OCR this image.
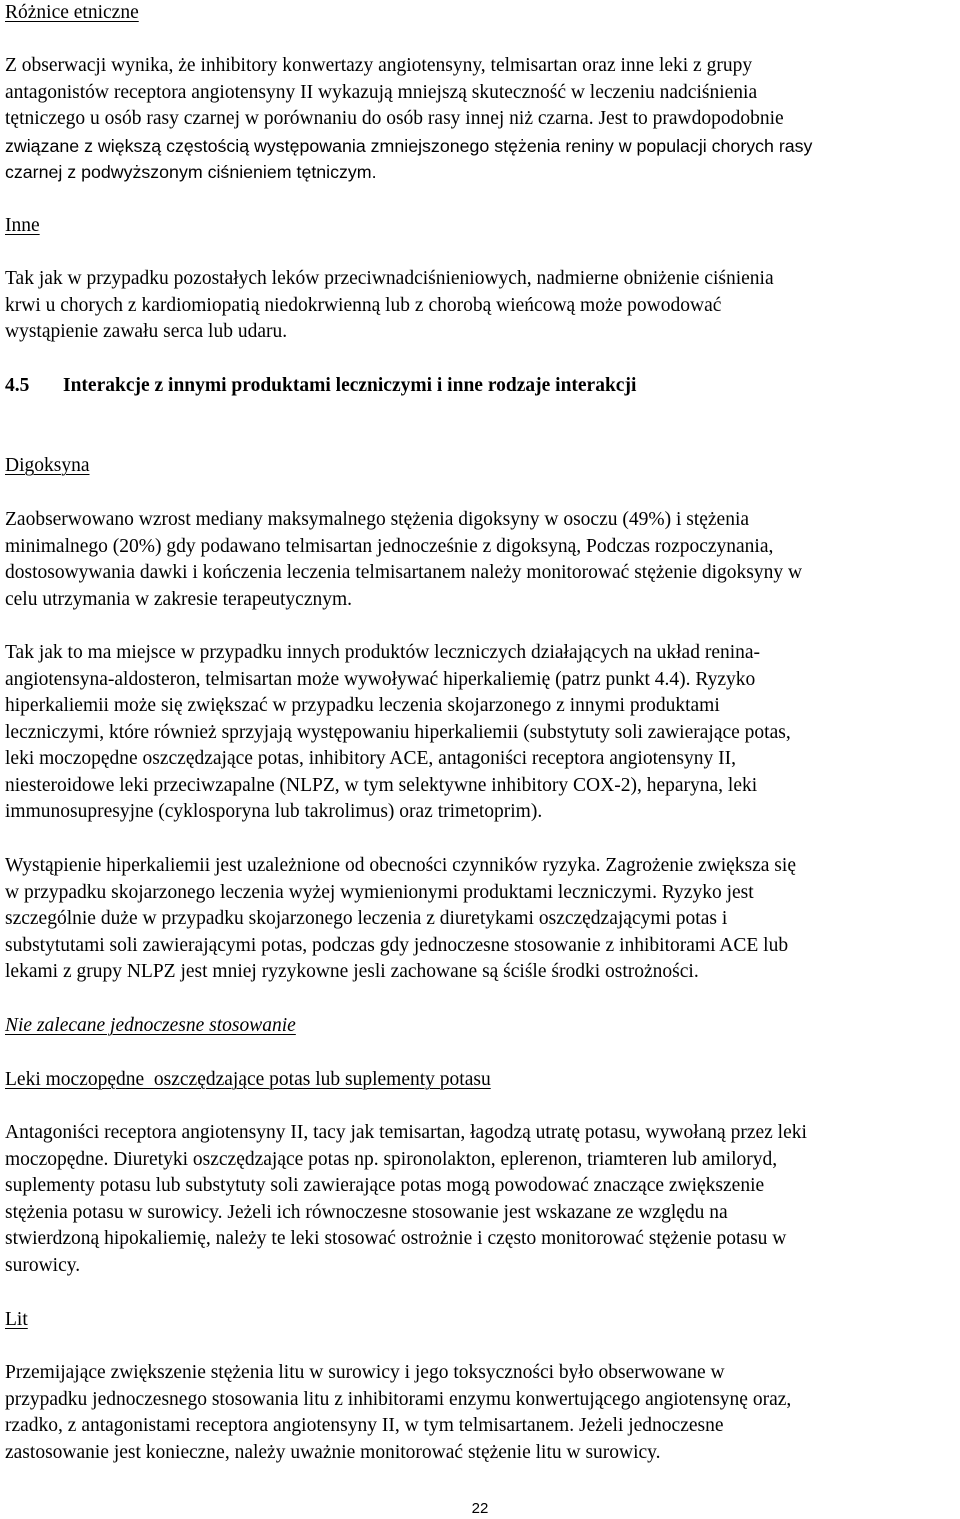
Różnice etniczne
Z obserwacji wynika, że inhibitory konwertazy angiotensyny, telmisartan oraz inne leki z grupy
antagonistów receptora angiotensyny II wykazują mniejszą skuteczność w leczeniu nadciśnienia
tętniczego u osób rasy czarnej w porównaniu do osób rasy innej niż czarna. Jest to prawdopodobnie
związane z większą częstością występowania zmniejszonego stężenia reniny w populacji chorych rasy
czarnej z podwyższonym ciśnieniem tętniczym.
Inne
Tak jak w przypadku pozostałych leków przeciwnadciśnieniowych, nadmierne obniżenie ciśnienia
krwi u chorych z kardiomiopatią niedokrwienną lub z chorobą wieńcową może powodować
wystąpienie zawału serca lub udaru.
4.5	Interakcje z innymi produktami leczniczymi i inne rodzaje interakcji
Digoksyna
Zaobserwowano wzrost mediany maksymalnego stężenia digoksyny w osoczu (49%) i stężenia
minimalnego (20%) gdy podawano telmisartan jednocześnie z digoksyną, Podczas rozpoczynania,
dostosowywania dawki i kończenia leczenia telmisartanem należy monitorować stężenie digoksyny w
celu utrzymania w zakresie terapeutycznym.
Tak jak to ma miejsce w przypadku innych produktów leczniczych działających na układ renina-
angiotensyna-aldosteron, telmisartan może wywoływać hiperkaliemię (patrz punkt 4.4). Ryzyko
hiperkaliemii może się zwiększać w przypadku leczenia skojarzonego z innymi produktami
leczniczymi, które również sprzyjają występowaniu hiperkaliemii (substytuty soli zawierające potas,
leki moczopędne oszczędzające potas, inhibitory ACE, antagoniści receptora angiotensyny II,
niesteroidowe leki przeciwzapalne (NLPZ, w tym selektywne inhibitory COX-2), heparyna, leki
immunosupresyjne (cyklosporyna lub takrolimus) oraz trimetoprim).
Wystąpienie hiperkaliemii jest uzależnione od obecności czynników ryzyka. Zagrożenie zwiększa się
w przypadku skojarzonego leczenia wyżej wymienionymi produktami leczniczymi. Ryzyko jest
szczególnie duże w przypadku skojarzonego leczenia z diuretykami oszczędzającymi potas i
substytutami soli zawierającymi potas, podczas gdy jednoczesne stosowanie z inhibitorami ACE lub
lekami z grupy NLPZ jest mniej ryzykowne jesli zachowane są ściśle środki ostrożności.
Nie zalecane jednoczesne stosowanie
Leki moczopędne  oszczędzające potas lub suplementy potasu
Antagoniści receptora angiotensyny II, tacy jak temisartan, łagodzą utratę potasu, wywołaną przez leki
moczopędne. Diuretyki oszczędzające potas np. spironolakton, eplerenon, triamteren lub amiloryd,
suplementy potasu lub substytuty soli zawierające potas mogą powodować znaczące zwiększenie
stężenia potasu w surowicy. Jeżeli ich równoczesne stosowanie jest wskazane ze względu na
stwierdzoną hipokaliemię, należy te leki stosować ostrożnie i często monitorować stężenie potasu w
surowicy.
Lit
Przemijające zwiększenie stężenia litu w surowicy i jego toksyczności było obserwowane w
przypadku jednoczesnego stosowania litu z inhibitorami enzymu konwertującego angiotensynę oraz,
rzadko, z antagonistami receptora angiotensyny II, w tym telmisartanem. Jeżeli jednoczesne
zastosowanie jest konieczne, należy uważnie monitorować stężenie litu w surowicy.
22
